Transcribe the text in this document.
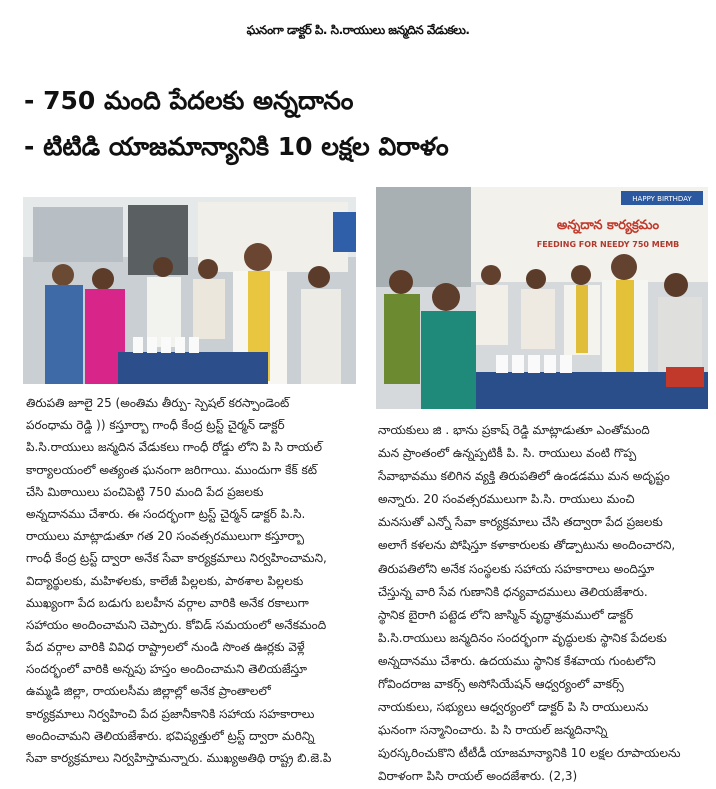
ఘనంగా డాక్టర్ పి. సి.రాయులు జన్మదిన వేడుకలు.
- 750 మంది పేదలకు అన్నదానం
- టిటిడి యాజమాన్యానికి 10 లక్షల విరాళం
HAPPY BIRTHDAY
అన్నదాన కార్యక్రమం
FEEDING FOR NEEDY 750 MEMB
తిరుపతి జూలై 25 (అంతిమ తీర్పు- స్పెషల్ కరస్పాండెంట్
పరంధామ రెడ్డి )) కస్తూర్బా గాంధీ కేంద్ర ట్రస్ట్ చైర్మన్ డాక్టర్
పి.సి.రాయులు జన్మదిన వేడుకలు గాంధీ రోడ్డు లోని పి సి రాయల్
కార్యాలయంలో అత్యంత ఘనంగా జరిగాయి. ముందుగా కేక్ కట్
చేసి మిఠాయిలు పంచిపెట్టి 750 మంది పేద ప్రజలకు
అన్నదానము చేశారు. ఈ సందర్భంగా ట్రస్ట్ చైర్మన్ డాక్టర్ పి.సి.
రాయులు మాట్లాడుతూ గత 20 సంవత్సరములుగా కస్తూర్బా
గాంధీ కేంద్ర ట్రస్ట్ ద్వారా అనేక సేవా కార్యక్రమాలు నిర్వహించామని,
విద్యార్థులకు, మహిళలకు, కాలేజీ పిల్లలకు, పాఠశాల పిల్లలకు
ముఖ్యంగా పేద బడుగు బలహీన వర్గాల వారికి అనేక రకాలుగా
సహాయం అందించామని చెప్పారు. కోవిడ్ సమయంలో అనేకమంది
పేద వర్గాల వారికి వివిధ రాష్ట్రాలలో నుండి సొంత ఊర్లకు వెళ్లే
సందర్భంలో వారికి అన్నపు హస్తం అందించామని తెలియజేస్తూ
ఉమ్మడి జిల్లా, రాయలసీమ జిల్లాల్లో అనేక ప్రాంతాలలో
కార్యక్రమాలు నిర్వహించి పేద ప్రజానీకానికి సహాయ సహకారాలు
అందించామని తెలియజేశారు. భవిష్యత్తులో ట్రస్ట్ ద్వారా మరిన్ని
సేవా కార్యక్రమాలు నిర్వహిస్తామన్నారు. ముఖ్యఅతిథి రాష్ట్ర బి.జె.పి
నాయకులు జి . భాను ప్రకాష్ రెడ్డి మాట్లాడుతూ ఎంతోమంది
మన ప్రాంతంలో ఉన్నప్పటికీ పి. సి. రాయులు వంటి గొప్ప
సేవాభావము కలిగిన వ్యక్తి తిరుపతిలో ఉండడము మన అదృష్టం
అన్నారు. 20 సంవత్సరములుగా పి.సి. రాయులు మంచి
మనసుతో ఎన్నో సేవా కార్యక్రమాలు చేసి తద్వారా పేద ప్రజలకు
అలాగే కళలను పోషిస్తూ కళాకారులకు తోడ్పాటును అందించారని,
తిరుపతిలోని అనేక సంస్థలకు సహాయ సహకారాలు అందిస్తూ
చేస్తున్న వారి సేవ గుణానికి ధన్యవాదములు తెలియజేశారు.
స్థానిక బైరాగి పట్టెడ లోని జాస్మిన్ వృద్ధాశ్రమములో డాక్టర్
పి.సి.రాయులు జన్మదినం సందర్భంగా వృద్ధులకు స్థానిక పేదలకు
అన్నదానము చేశారు. ఉదయము స్థానిక కేశవాయ గుంటలోని
గోవిందరాజ వాకర్స్ అసోసియేషన్ ఆధ్వర్యంలో వాకర్స్
నాయకులు, సభ్యులు ఆధ్వర్యంలో డాక్టర్ పి సి రాయులును
ఘనంగా సన్మానించారు. పి సి రాయల్ జన్మదినాన్ని
పురస్కరించుకొని టీటీడీ యాజమాన్యానికి 10 లక్షల రూపాయలను
విరాళంగా పిసి రాయల్ అందజేశారు. (2,3)
